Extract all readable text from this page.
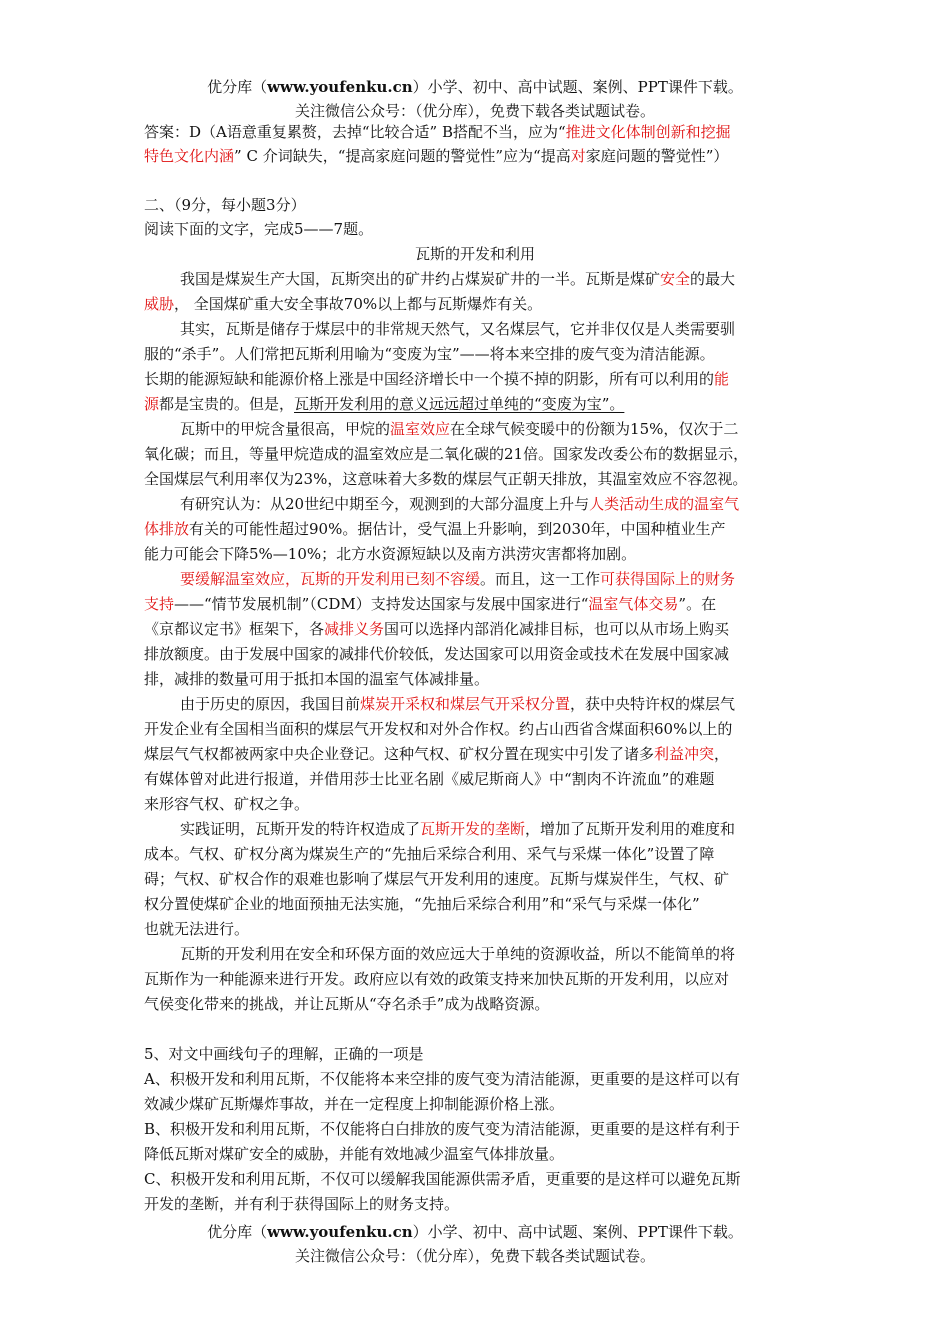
优分库（www.youfenku.cn）小学、初中、高中试题、案例、PPT课件下载。
关注微信公众号：（优分库），免费下载各类试题试卷。
答案：D（A语意重复累赘，去掉“比较合适” B搭配不当，应为“推进文化体制创新和挖掘
特色文化内涵” C 介词缺失，“提高家庭问题的警觉性”应为“提高对家庭问题的警觉性”）
二、（9分，每小题3分）
阅读下面的文字，完成5——7题。
瓦斯的开发和利用
我国是煤炭生产大国，瓦斯突出的矿井约占煤炭矿井的一半。瓦斯是煤矿安全的最大
威胁， 全国煤矿重大安全事故70%以上都与瓦斯爆炸有关。
其实，瓦斯是储存于煤层中的非常规天然气，又名煤层气，它并非仅仅是人类需要驯
服的“杀手”。人们常把瓦斯利用喻为“变废为宝”——将本来空排的废气变为清洁能源。
长期的能源短缺和能源价格上涨是中国经济增长中一个摸不掉的阴影，所有可以利用的能
源都是宝贵的。但是，瓦斯开发利用的意义远远超过单纯的“变废为宝”。
瓦斯中的甲烷含量很高，甲烷的温室效应在全球气候变暖中的份额为15%，仅次于二
氧化碳；而且，等量甲烷造成的温室效应是二氧化碳的21倍。国家发改委公布的数据显示，
全国煤层气利用率仅为23%，这意味着大多数的煤层气正朝天排放，其温室效应不容忽视。
有研究认为：从20世纪中期至今，观测到的大部分温度上升与人类活动生成的温室气
体排放有关的可能性超过90%。据估计，受气温上升影响，到2030年，中国种植业生产
能力可能会下降5%—10%；北方水资源短缺以及南方洪涝灾害都将加剧。
要缓解温室效应，瓦斯的开发利用已刻不容缓。而且，这一工作可获得国际上的财务
支持——“情节发展机制”（CDM）支持发达国家与发展中国家进行“温室气体交易”。在
《京都议定书》框架下，各减排义务国可以选择内部消化减排目标，也可以从市场上购买
排放额度。由于发展中国家的减排代价较低，发达国家可以用资金或技术在发展中国家减
排，减排的数量可用于抵扣本国的温室气体减排量。
由于历史的原因，我国目前煤炭开采权和煤层气开采权分置，获中央特许权的煤层气
开发企业有全国相当面积的煤层气开发权和对外合作权。约占山西省含煤面积60%以上的
煤层气气权都被两家中央企业登记。这种气权、矿权分置在现实中引发了诸多利益冲突，
有媒体曾对此进行报道，并借用莎士比亚名剧《威尼斯商人》中“割肉不许流血”的难题
来形容气权、矿权之争。
实践证明，瓦斯开发的特许权造成了瓦斯开发的垄断，增加了瓦斯开发利用的难度和
成本。气权、矿权分离为煤炭生产的“先抽后采综合利用、采气与采煤一体化”设置了障
碍；气权、矿权合作的艰难也影响了煤层气开发利用的速度。瓦斯与煤炭伴生，气权、矿
权分置使煤矿企业的地面预抽无法实施，“先抽后采综合利用”和“采气与采煤一体化”
也就无法进行。
瓦斯的开发利用在安全和环保方面的效应远大于单纯的资源收益，所以不能简单的将
瓦斯作为一种能源来进行开发。政府应以有效的政策支持来加快瓦斯的开发利用，以应对
气侯变化带来的挑战，并让瓦斯从“夺名杀手”成为战略资源。
5、对文中画线句子的理解，正确的一项是
A、积极开发和利用瓦斯，不仅能将本来空排的废气变为清洁能源，更重要的是这样可以有
效减少煤矿瓦斯爆炸事故，并在一定程度上抑制能源价格上涨。
B、积极开发和利用瓦斯，不仅能将白白排放的废气变为清洁能源，更重要的是这样有利于
降低瓦斯对煤矿安全的威胁，并能有效地减少温室气体排放量。
C、积极开发和利用瓦斯，不仅可以缓解我国能源供需矛盾，更重要的是这样可以避免瓦斯
开发的垄断，并有利于获得国际上的财务支持。
优分库（www.youfenku.cn）小学、初中、高中试题、案例、PPT课件下载。
关注微信公众号：（优分库），免费下载各类试题试卷。
